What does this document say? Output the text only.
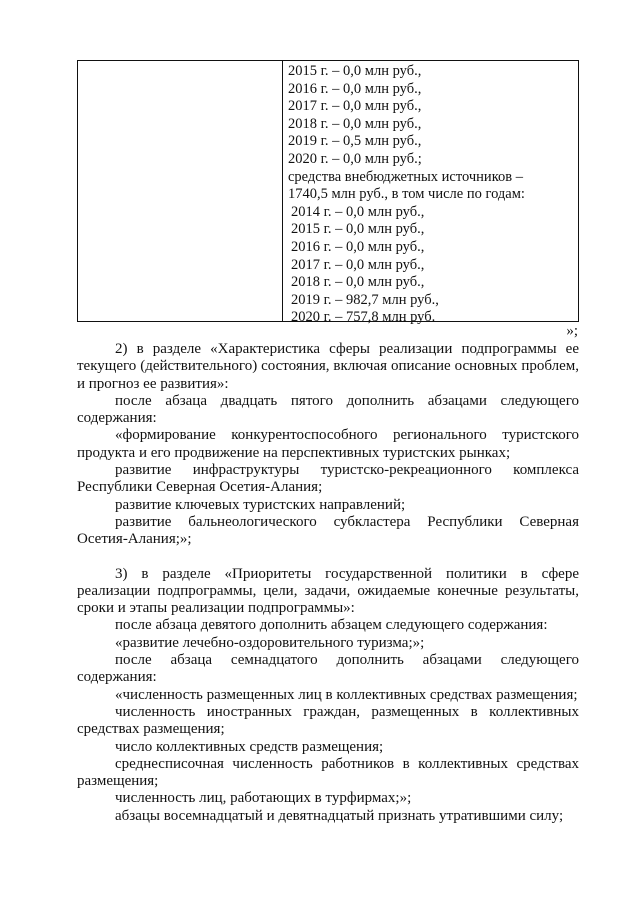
2015 г. – 0,0 млн руб.,
2016 г. – 0,0 млн руб.,
2017 г. – 0,0 млн руб.,
2018 г. – 0,0 млн руб.,
2019 г. – 0,5 млн руб.,
2020 г. – 0,0 млн руб.;
средства внебюджетных источников –
1740,5 млн руб., в том числе по годам:
2014 г. – 0,0 млн руб.,
2015 г. – 0,0 млн руб.,
2016 г. – 0,0 млн руб.,
2017 г. – 0,0 млн руб.,
2018 г. – 0,0 млн руб.,
2019 г. – 982,7 млн руб.,
2020 г. – 757,8 млн руб.
»;

2) в разделе «Характеристика сферы реализации подпрограммы ее текущего (действительного) состояния, включая описание основных проблем, и прогноз ее развития»:

после абзаца двадцать пятого дополнить абзацами следующего содержания:

«формирование конкурентоспособного регионального туристского продукта и его продвижение на перспективных туристских рынках;

развитие инфраструктуры туристско-рекреационного комплекса Республики Северная Осетия-Алания;

развитие ключевых туристских направлений;

развитие бальнеологического субкластера Республики Северная Осетия-Алания;»;

3) в разделе «Приоритеты государственной политики в сфере реализации подпрограммы, цели, задачи, ожидаемые конечные результаты, сроки и этапы реализации подпрограммы»:

после абзаца девятого дополнить абзацем следующего содержания:

«развитие лечебно-оздоровительного туризма;»;

после абзаца семнадцатого дополнить абзацами следующего содержания:

«численность размещенных лиц в коллективных средствах размещения;

численность иностранных граждан, размещенных в коллективных средствах размещения;

число коллективных средств размещения;

среднесписочная численность работников в коллективных средствах размещения;

численность лиц, работающих в турфирмах;»;

абзацы восемнадцатый и девятнадцатый признать утратившими силу;
